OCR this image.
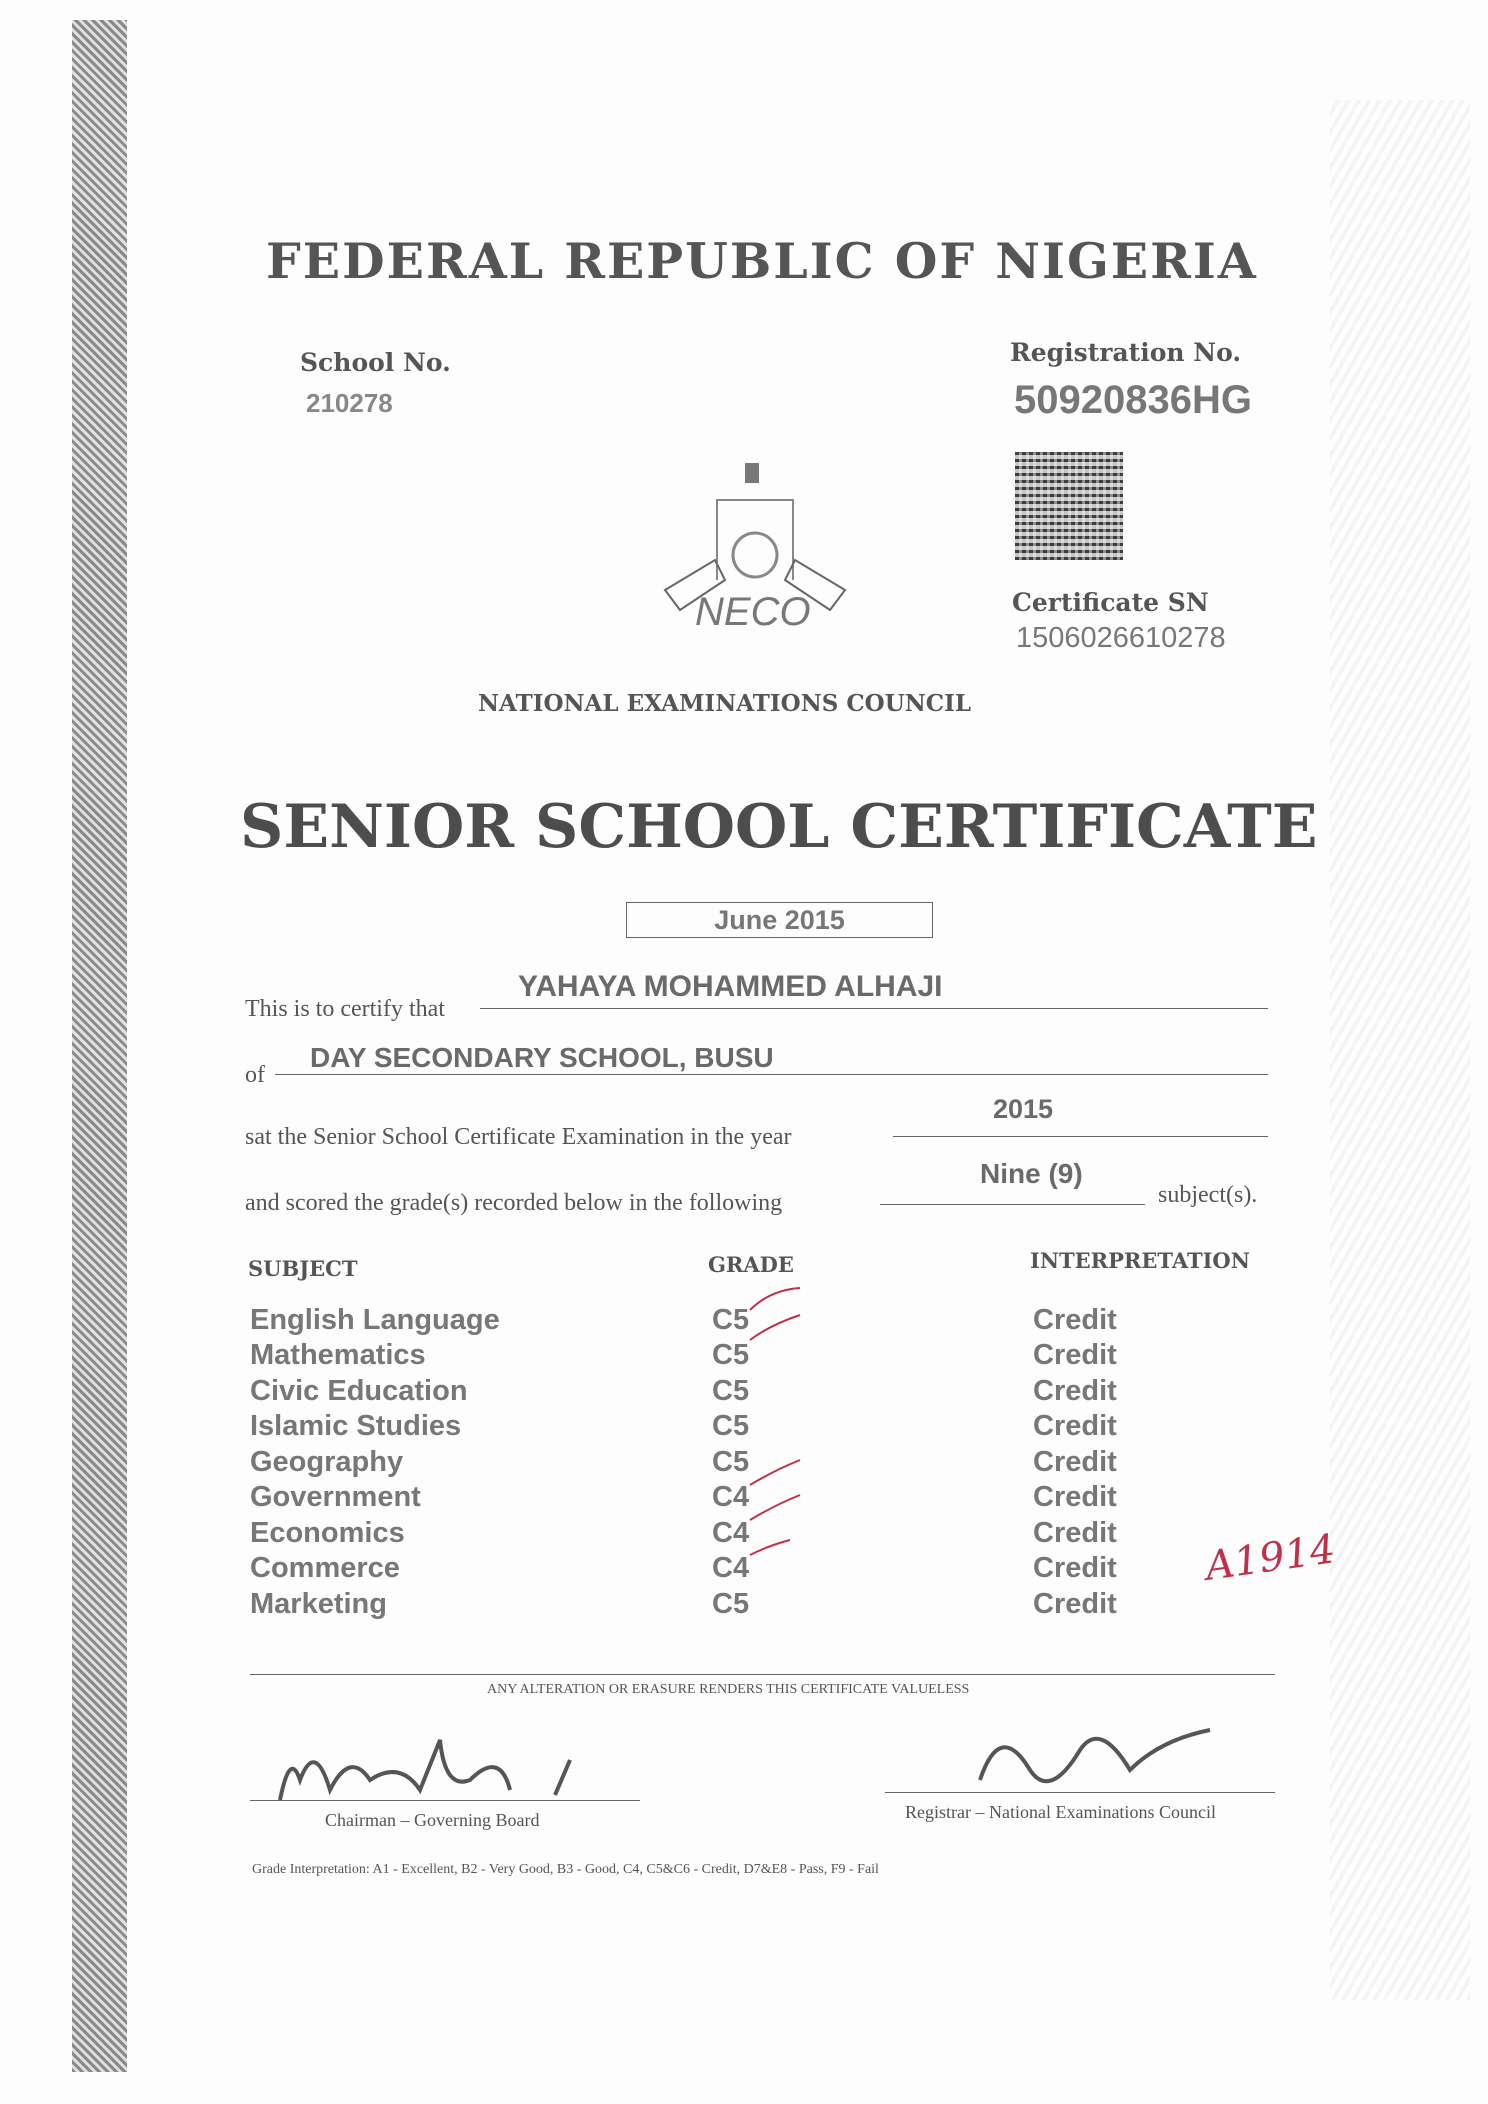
FEDERAL REPUBLIC OF NIGERIA
School No.
210278
Registration No.
50920836HG
Certificate SN
1506026610278
NECO
NATIONAL EXAMINATIONS COUNCIL
SENIOR SCHOOL CERTIFICATE
June 2015
This is to certify that
YAHAYA MOHAMMED ALHAJI
of
DAY SECONDARY SCHOOL, BUSU
sat the Senior School Certificate Examination in the year
2015
and scored the grade(s) recorded below in the following
Nine (9)
subject(s).
SUBJECT	GRADE	INTERPRETATION
English Language	C5	Credit
Mathematics	C5	Credit
Civic Education	C5	Credit
Islamic Studies	C5	Credit
Geography	C5	Credit
Government	C4	Credit
Economics	C4	Credit
Commerce	C4	Credit
Marketing	C5	Credit
A1914
ANY ALTERATION OR ERASURE RENDERS THIS CERTIFICATE VALUELESS
Chairman – Governing Board	Registrar – National Examinations Council
Grade Interpretation: A1 - Excellent, B2 - Very Good, B3 - Good, C4, C5&C6 - Credit, D7&E8 - Pass, F9 - Fail
